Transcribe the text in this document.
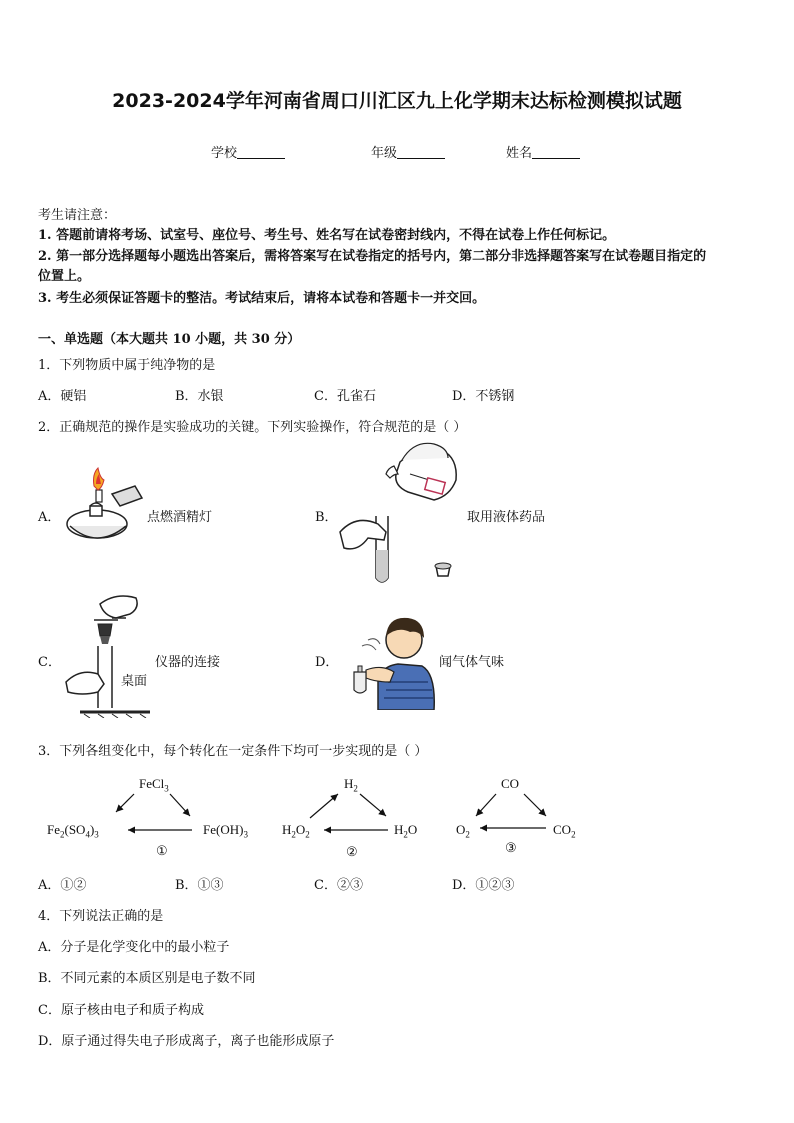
2023-2024学年河南省周口川汇区九上化学期末达标检测模拟试题
学校	年级	姓名
考生请注意：
1. 答题前请将考场、试室号、座位号、考生号、姓名写在试卷密封线内，不得在试卷上作任何标记。
2. 第一部分选择题每小题选出答案后，需将答案写在试卷指定的括号内，第二部分非选择题答案写在试卷题目指定的
位置上。
3. 考生必须保证答题卡的整洁。考试结束后，请将本试卷和答题卡一并交回。
一、单选题（本大题共 10 小题，共 30 分）
1．下列物质中属于纯净物的是
A．硬铝	B．水银	C．孔雀石	D．不锈钢
2．正确规范的操作是实验成功的关键。下列实验操作，符合规范的是（ ）
A．	点燃酒精灯	B．	取用液体药品
C．	仪器的连接
桌面
D．	闻气体气味
3．下列各组变化中，每个转化在一定条件下均可一步实现的是（ ）
FeCl$_3$
$Fe_2(SO_4)_3$	$Fe(OH)_3$
①
$H_2$
$H_2O_2$	$H_2O$
②
CO
$O_2$	$CO_2$
③
A．①②	B．①③	C．②③	D．①②③
4．下列说法正确的是
A．分子是化学变化中的最小粒子
B．不同元素的本质区别是电子数不同
C．原子核由电子和质子构成
D．原子通过得失电子形成离子，离子也能形成原子
